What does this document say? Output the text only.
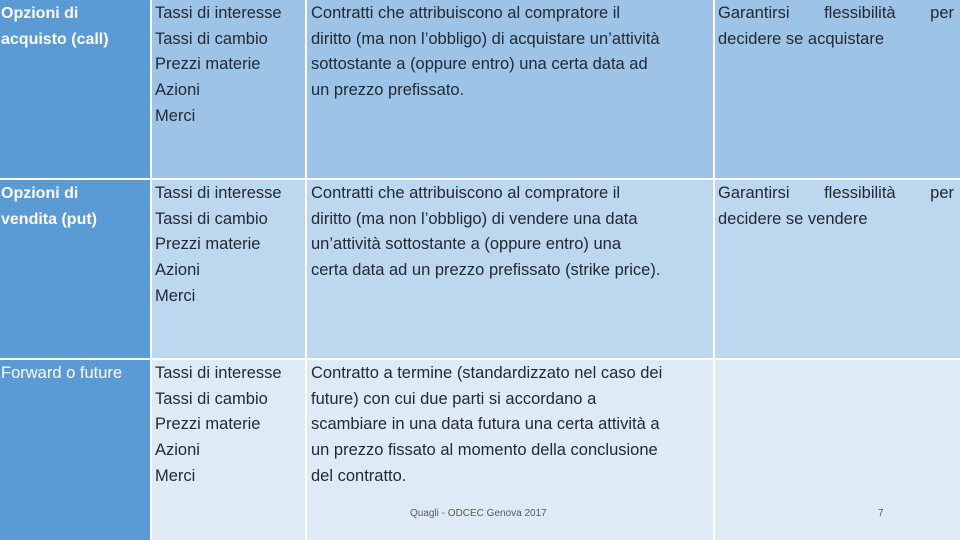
Opzioni di
acquisto (call)
Tassi di interesse
Tassi di cambio
Prezzi materie
Azioni
Merci
Contratti che attribuiscono al compratore il
diritto (ma non l’obbligo) di acquistare un’attività
sottostante a (oppure entro) una certa data ad
un prezzo prefissato.
Garantirsi flessibilità per
decidere se acquistare
Opzioni di
vendita (put)
Tassi di interesse
Tassi di cambio
Prezzi materie
Azioni
Merci
Contratti che attribuiscono al compratore il
diritto (ma non l’obbligo) di vendere una data
un’attività sottostante a (oppure entro) una
certa data ad un prezzo prefissato (strike price).
Garantirsi flessibilità per
decidere se vendere
Forward o future	Tassi di interesse
Tassi di cambio
Prezzi materie
Azioni
Merci
Contratto a termine (standardizzato nel caso dei
future) con cui due parti si accordano a
scambiare in una data futura una certa attività a
un prezzo fissato al momento della conclusione
del contratto.
Quagli - ODCEC Genova 2017	7
